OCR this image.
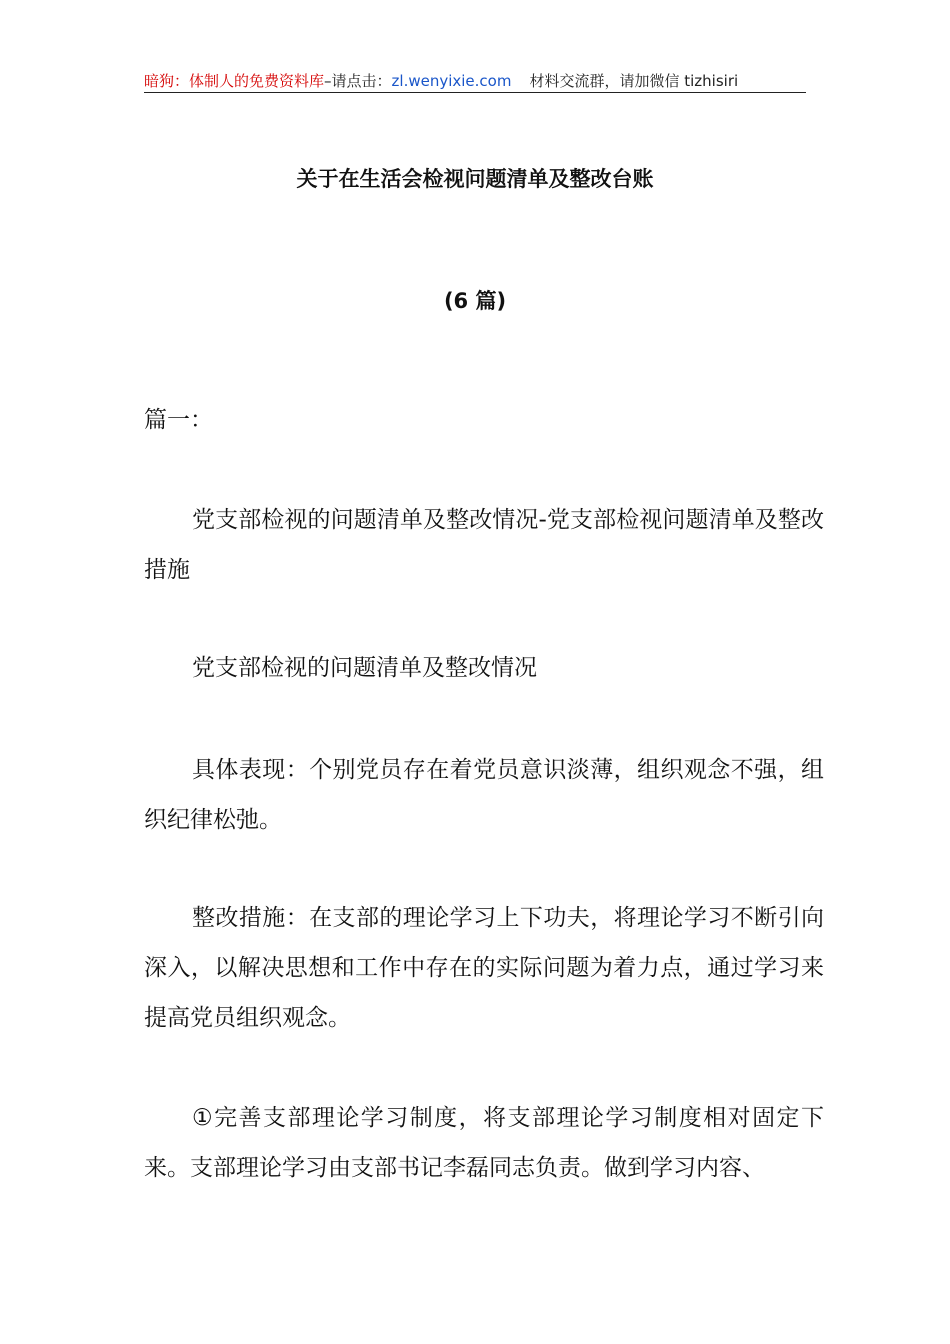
暗狗：体制人的免费资料库–请点击：zl.wenyixie.com 材料交流群，请加微信 tizhisiri
关于在生活会检视问题清单及整改台账
(6 篇)

篇一：

党支部检视的问题清单及整改情况-党支部检视问题清单及整改措施

党支部检视的问题清单及整改情况

具体表现：个别党员存在着党员意识淡薄，组织观念不强，组织纪律松弛。

整改措施：在支部的理论学习上下功夫，将理论学习不断引向深入，以解决思想和工作中存在的实际问题为着力点，通过学习来提高党员组织观念。

①完善支部理论学习制度，将支部理论学习制度相对固定下来。支部理论学习由支部书记李磊同志负责。做到学习内容、
